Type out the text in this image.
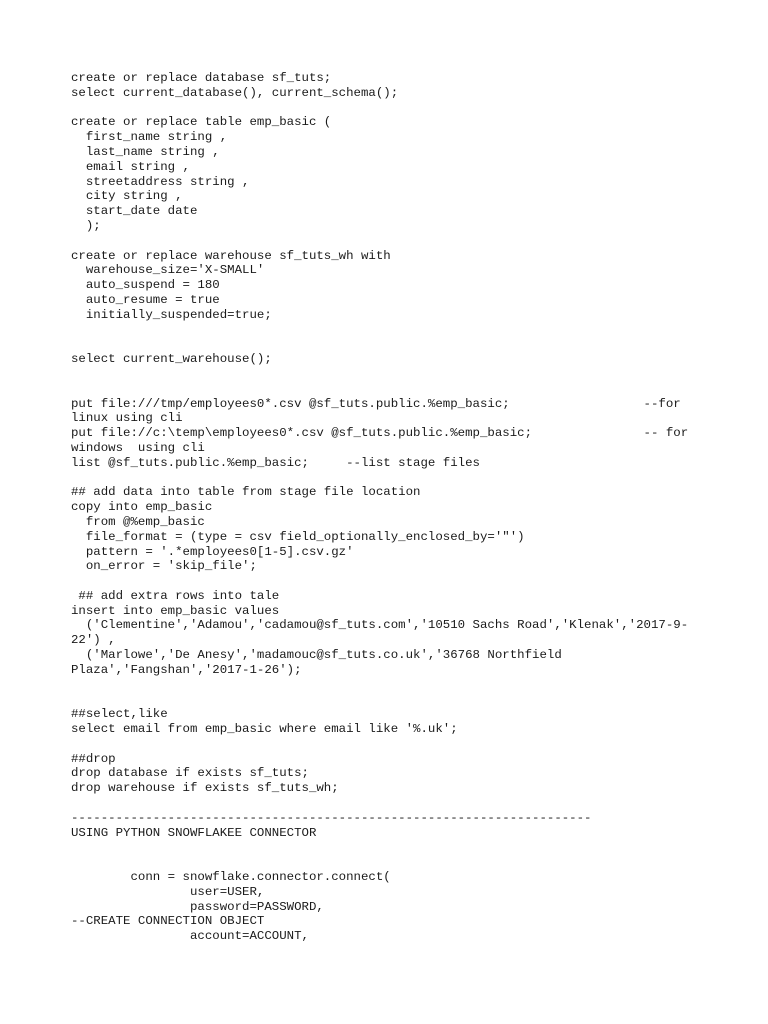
create or replace database sf_tuts;
select current_database(), current_schema();
create or replace table emp_basic (
first_name string ,
last_name string ,
email string ,
streetaddress string ,
city string ,
start_date date
);
create or replace warehouse sf_tuts_wh with
warehouse_size='X-SMALL'
auto_suspend = 180
auto_resume = true
initially_suspended=true;
select current_warehouse();
put file:///tmp/employees0*.csv @sf_tuts.public.%emp_basic;                  --for
linux using cli
put file://c:\temp\employees0*.csv @sf_tuts.public.%emp_basic;               -- for
windows  using cli
list @sf_tuts.public.%emp_basic;     --list stage files
## add data into table from stage file location
copy into emp_basic
from @%emp_basic
file_format = (type = csv field_optionally_enclosed_by='"')
pattern = '.*employees0[1-5].csv.gz'
on_error = 'skip_file';
## add extra rows into tale
insert into emp_basic values
('Clementine','Adamou','cadamou@sf_tuts.com','10510 Sachs Road','Klenak','2017-9-
22') ,
('Marlowe','De Anesy','madamouc@sf_tuts.co.uk','36768 Northfield
Plaza','Fangshan','2017-1-26');
##select,like
select email from emp_basic where email like '%.uk';
##drop
drop database if exists sf_tuts;
drop warehouse if exists sf_tuts_wh;
----------------------------------------------------------------------
USING PYTHON SNOWFLAKEE CONNECTOR
conn = snowflake.connector.connect(
user=USER,
password=PASSWORD,
--CREATE CONNECTION OBJECT
account=ACCOUNT,
